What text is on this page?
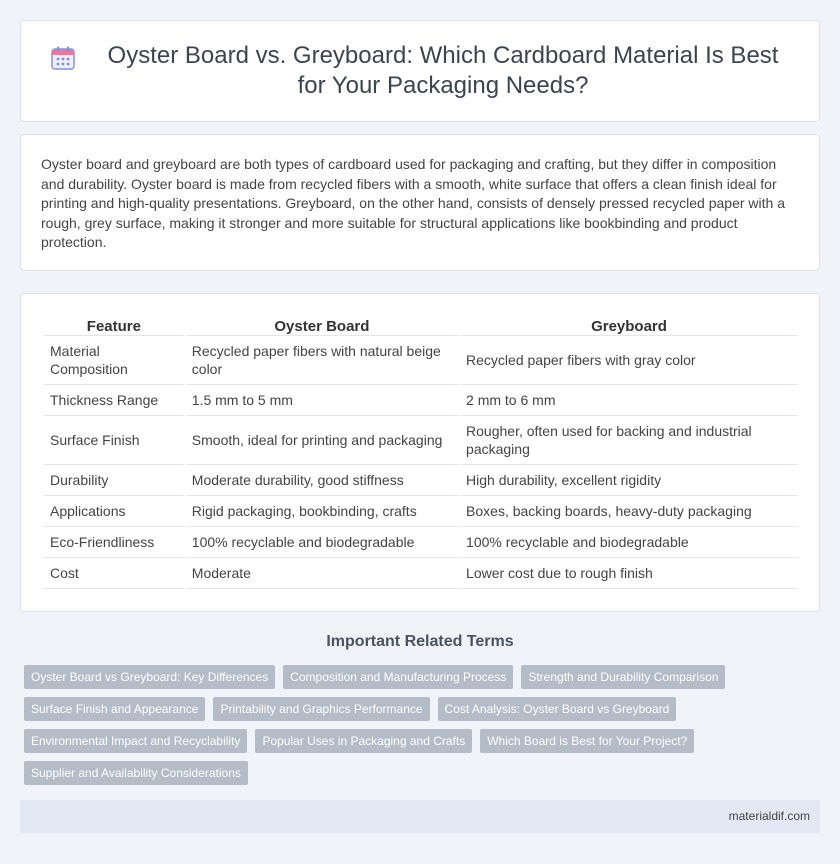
Oyster Board vs. Greyboard: Which Cardboard Material Is Best for Your Packaging Needs?

Oyster board and greyboard are both types of cardboard used for packaging and crafting, but they differ in composition and durability. Oyster board is made from recycled fibers with a smooth, white surface that offers a clean finish ideal for printing and high-quality presentations. Greyboard, on the other hand, consists of densely pressed recycled paper with a rough, grey surface, making it stronger and more suitable for structural applications like bookbinding and product protection.

Feature	Oyster Board	Greyboard
Material Composition	Recycled paper fibers with natural beige color	Recycled paper fibers with gray color
Thickness Range	1.5 mm to 5 mm	2 mm to 6 mm
Surface Finish	Smooth, ideal for printing and packaging	Rougher, often used for backing and industrial packaging
Durability	Moderate durability, good stiffness	High durability, excellent rigidity
Applications	Rigid packaging, bookbinding, crafts	Boxes, backing boards, heavy-duty packaging
Eco-Friendliness	100% recyclable and biodegradable	100% recyclable and biodegradable
Cost	Moderate	Lower cost due to rough finish
Important Related Terms
Oyster Board vs Greyboard: Key Differences	Composition and Manufacturing Process	Strength and Durability Comparison
Surface Finish and Appearance	Printability and Graphics Performance	Cost Analysis: Oyster Board vs Greyboard
Environmental Impact and Recyclability	Popular Uses in Packaging and Crafts	Which Board is Best for Your Project?
Supplier and Availability Considerations
materialdif.com
